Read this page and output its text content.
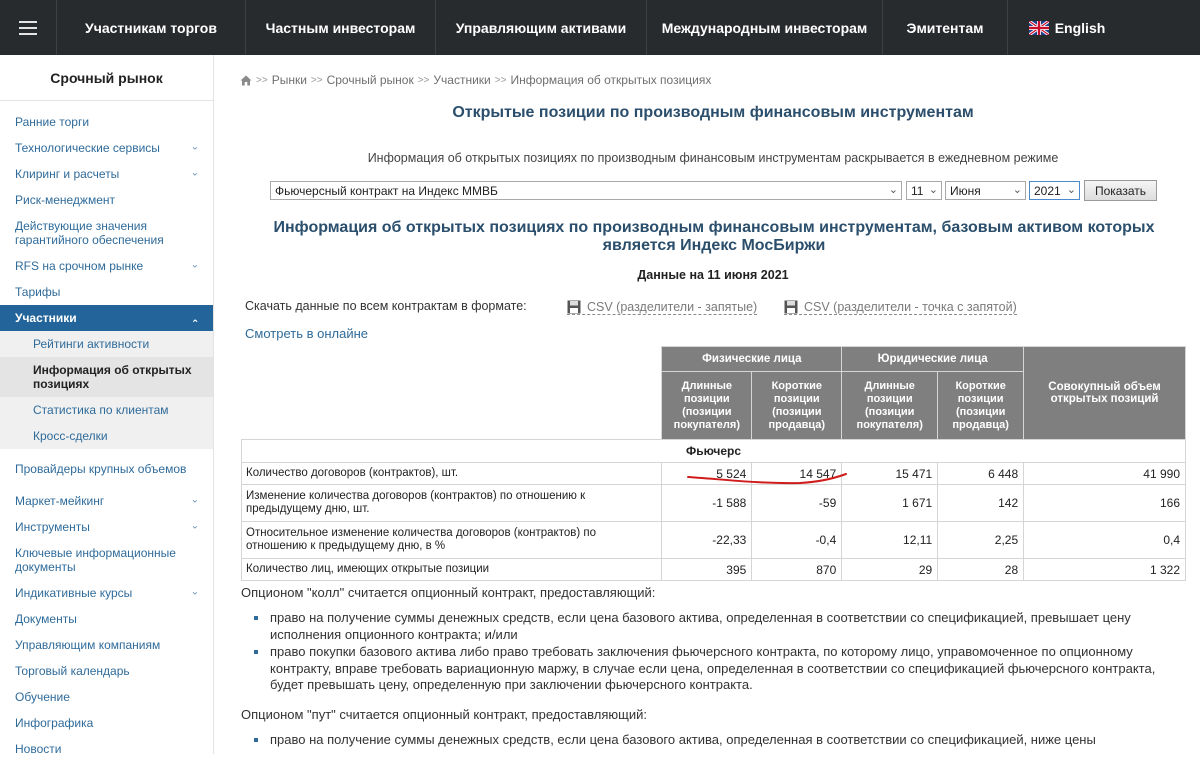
Участникам торгов	Частным инвесторам	Управляющим активами	Международным инвесторам	Эмитентам	English
Срочный рынок
Ранние торги
Технологические сервисы	⌄
Клиринг и расчеты	⌄
Риск-менеджмент
Действующие значения гарантийного обеспечения
RFS на срочном рынке	⌄
Тарифы
Участники	⌄
Рейтинги активности
Информация об открытых позициях
Статистика по клиентам
Кросс-сделки
Провайдеры крупных объемов
Маркет-мейкинг	⌄
Инструменты	⌄
Ключевые информационные документы
Индикативные курсы	⌄
Документы
Управляющим компаниям
Торговый календарь
Обучение
Инфографика
Новости
>> Рынки >> Срочный рынок >> Участники >> Информация об открытых позициях
Открытые позиции по производным финансовым инструментам
Информация об открытых позициях по производным финансовым инструментам раскрывается в ежедневном режиме
Фьючерсный контракт на Индекс ММВБ	⌄ 11 ⌄ Июня	⌄ 2021 ⌄	Показать
Информация об открытых позициях по производным финансовым инструментам, базовым активом которых является Индекс МосБиржи
Данные на 11 июня 2021
Скачать данные по всем контрактам в формате:	CSV (разделители - запятые)	CSV (разделители - точка с запятой)
Смотреть в онлайне
	Физические лица		Юридические лица		Совокупный объем открытых позиций
	Длинные позиции (позиции покупателя)	Короткие позиции (позиции продавца)	Длинные позиции (позиции покупателя)	Короткие позиции (позиции продавца)	
Фьючерс					
Количество договоров (контрактов), шт.	5 524	14 547	15 471	6 448	41 990
Изменение количества договоров (контрактов) по отношению к предыдущему дню, шт.	-1 588	-59	1 671	142	166
Относительное изменение количества договоров (контрактов) по отношению к предыдущему дню, в %	-22,33	-0,4	12,11	2,25	0,4
Количество лиц, имеющих открытые позиции	395	870	29	28	1 322
Опционом "колл" считается опционный контракт, предоставляющий:
право на получение суммы денежных средств, если цена базового актива, определенная в соответствии со спецификацией, превышает цену исполнения опционного контракта; и/или
право покупки базового актива либо право требовать заключения фьючерсного контракта, по которому лицо, управомоченное по опционному контракту, вправе требовать вариационную маржу, в случае если цена, определенная в соответствии со спецификацией фьючерсного контракта, будет превышать цену, определенную при заключении фьючерсного контракта.
Опционом "пут" считается опционный контракт, предоставляющий:
право на получение суммы денежных средств, если цена базового актива, определенная в соответствии со спецификацией, ниже цены
